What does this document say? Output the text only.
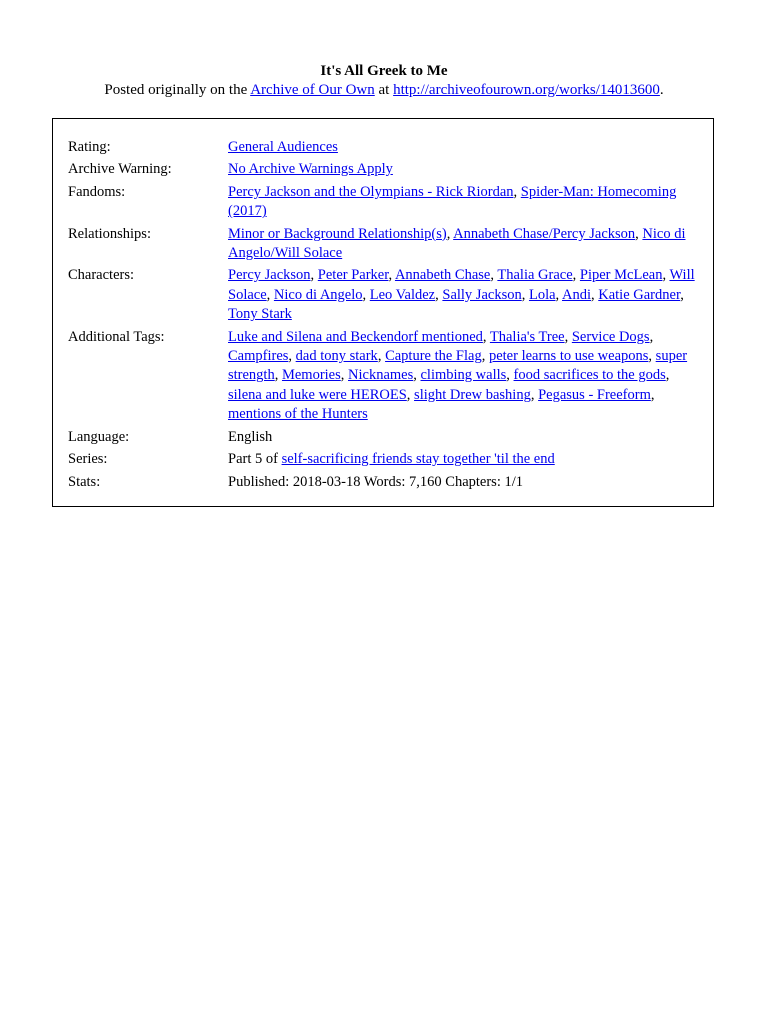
It's All Greek to Me
Posted originally on the Archive of Our Own at http://archiveofourown.org/works/14013600.
Rating:	General Audiences
Archive Warning:	No Archive Warnings Apply
Fandoms:	Percy Jackson and the Olympians - Rick Riordan, Spider-Man: Homecoming (2017)
Relationships:	Minor or Background Relationship(s), Annabeth Chase/Percy Jackson, Nico di Angelo/Will Solace
Characters:	Percy Jackson, Peter Parker, Annabeth Chase, Thalia Grace, Piper McLean, Will Solace, Nico di Angelo, Leo Valdez, Sally Jackson, Lola, Andi, Katie Gardner, Tony Stark
Additional Tags:	Luke and Silena and Beckendorf mentioned, Thalia's Tree, Service Dogs, Campfires, dad tony stark, Capture the Flag, peter learns to use weapons, super strength, Memories, Nicknames, climbing walls, food sacrifices to the gods, silena and luke were HEROES, slight Drew bashing, Pegasus - Freeform, mentions of the Hunters
Language:	English
Series:	Part 5 of self-sacrificing friends stay together 'til the end
Stats:	Published: 2018-03-18 Words: 7,160 Chapters: 1/1
